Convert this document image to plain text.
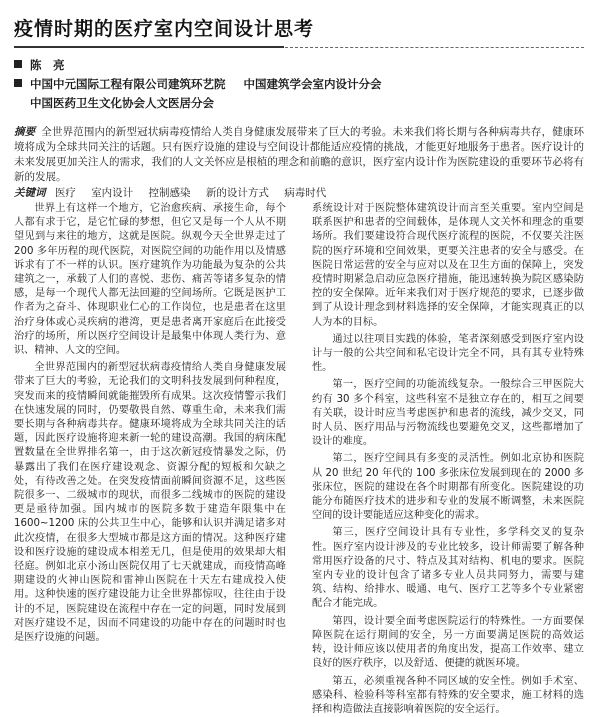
疫情时期的医疗室内空间设计思考
陈　亮
中国中元国际工程有限公司建筑环艺院 中国建筑学会室内设计分会
中国医药卫生文化协会人文医居分会
摘要 全世界范围内的新型冠状病毒疫情给人类自身健康发展带来了巨大的考验。未来我们将长期与各种病毒共存，健康环境将成为全球共同关注的话题。只有医疗设施的建设与空间设计都能适应疫情的挑战，才能更好地服务于患者。医疗设计的未来发展更加关注人的需求，我们的人文关怀应是根植的理念和前瞻的意识，医疗室内设计作为医院建设的重要环节必将有新的发展。
关键词 医疗 室内设计 控制感染 新的设计方式 病毒时代

世界上有这样一个地方，它治愈疾病、承接生命，每个人都有求于它，是它忙碌的梦想，但它又是每一个人从不期望见到与来往的地方，这就是医院。纵观今天全世界走过了 200 多年历程的现代医院，对医院空间的功能作用以及情感诉求有了不一样的认识。医疗建筑作为功能最为复杂的公共建筑之一，承载了人们的喜悦、悲伤、痛苦等诸多复杂的情感，是每一个现代人都无法回避的空间场所。它既是医护工作者为之奋斗、体现职业仁心的工作岗位，也是患者在这里治疗身体或心灵疾病的港湾，更是患者离开家庭后在此接受治疗的场所，所以医疗空间设计是最集中体现人类行为、意识、精神、人文的空间。

全世界范围内的新型冠状病毒疫情给人类自身健康发展带来了巨大的考验，无论我们的文明科技发展到何种程度，突发而来的疫情瞬间就能摧毁所有成果。这次疫情警示我们在快速发展的同时，仍要敬畏自然、尊重生命，未来我们需要长期与各种病毒共存。健康环境将成为全球共同关注的话题，因此医疗设施将迎来新一轮的建设高潮。我国的病床配置数量在全世界排名第一，由于这次新冠疫情暴发之际，仍暴露出了我们在医疗建设观念、资源分配的短板和欠缺之处，有待改善之处。在突发疫情面前瞬间资源不足，这些医院很多一、二级城市的现状，而很多二线城市的医院的建设更是亟待加强。国内城市的医院多数于建造年限集中在 1600~1200 床的公共卫生中心，能够和认识并满足诸多对此次疫情，在很多大型城市都是这方面的情况。这种医疗建设和医疗设施的建设成本相差无几，但是使用的效果却大相径庭。例如北京小汤山医院仅用了七天就建成，而疫情高峰期建设的火神山医院和雷神山医院在十天左右建成投入使用。这种快速的医疗建设能力让全世界都惊叹，往往由于设计的不足，医院建设在流程中存在一定的问题，同时发展到对医疗建设不足，因而不同建设的功能中存在的问题时时也是医疗设施的问题。

系统设计对于医院整体建筑设计而言至关重要。室内空间是联系医护和患者的空间载体，是体现人文关怀和理念的重要场所。我们要建设符合现代医疗流程的医院，不仅要关注医院的医疗环境和空间效果，更要关注患者的安全与感受。在医院日常运营的安全与应对以及在卫生方面的保障上，突发疫情时期紧急启动应急医疗措施，能迅速转换为院区感染防控的安全保障。近年来我们对于医疗规范的要求，已逐步做到了从设计理念到材料选择的安全保障，才能实现真正的以人为本的目标。

通过以往项目实践的体验，笔者深刻感受到医疗室内设计与一般的公共空间和私宅设计完全不同，具有其专业特殊性。

第一，医疗空间的功能流线复杂。一般综合三甲医院大约有 30 多个科室，这些科室不是独立存在的，相互之间要有关联，设计时应当考虑医护和患者的流线，减少交叉，同时人员、医疗用品与污物流线也要避免交叉，这些都增加了设计的难度。

第二，医疗空间具有多变的灵活性。例如北京协和医院从 20 世纪 20 年代的 100 多张床位发展到现在的 2000 多张床位，医院的建设在各个时期都有所变化。医院建设的功能分布随医疗技术的进步和专业的发展不断调整，未来医院空间的设计要能适应这种变化的需求。

第三，医疗空间设计具有专业性，多学科交叉的复杂性。医疗室内设计涉及的专业比较多，设计师需要了解各种常用医疗设备的尺寸、特点及其对结构、机电的要求。医院室内专业的设计包含了诸多专业人员共同努力，需要与建筑、结构、给排水、暖通、电气、医疗工艺等多个专业紧密配合才能完成。

第四，设计要全面考虑医院运行的特殊性。一方面要保障医院在运行期间的安全，另一方面要满足医院的高效运转，设计师应该以使用者的角度出发，提高工作效率、建立良好的医疗秩序，以及舒适、便捷的就医环境。

第五，必须重视各种不同区域的安全性。例如手术室、感染科、检验科等科室都有特殊的安全要求，施工材料的选择和构造做法直接影响着医院的安全运行。
